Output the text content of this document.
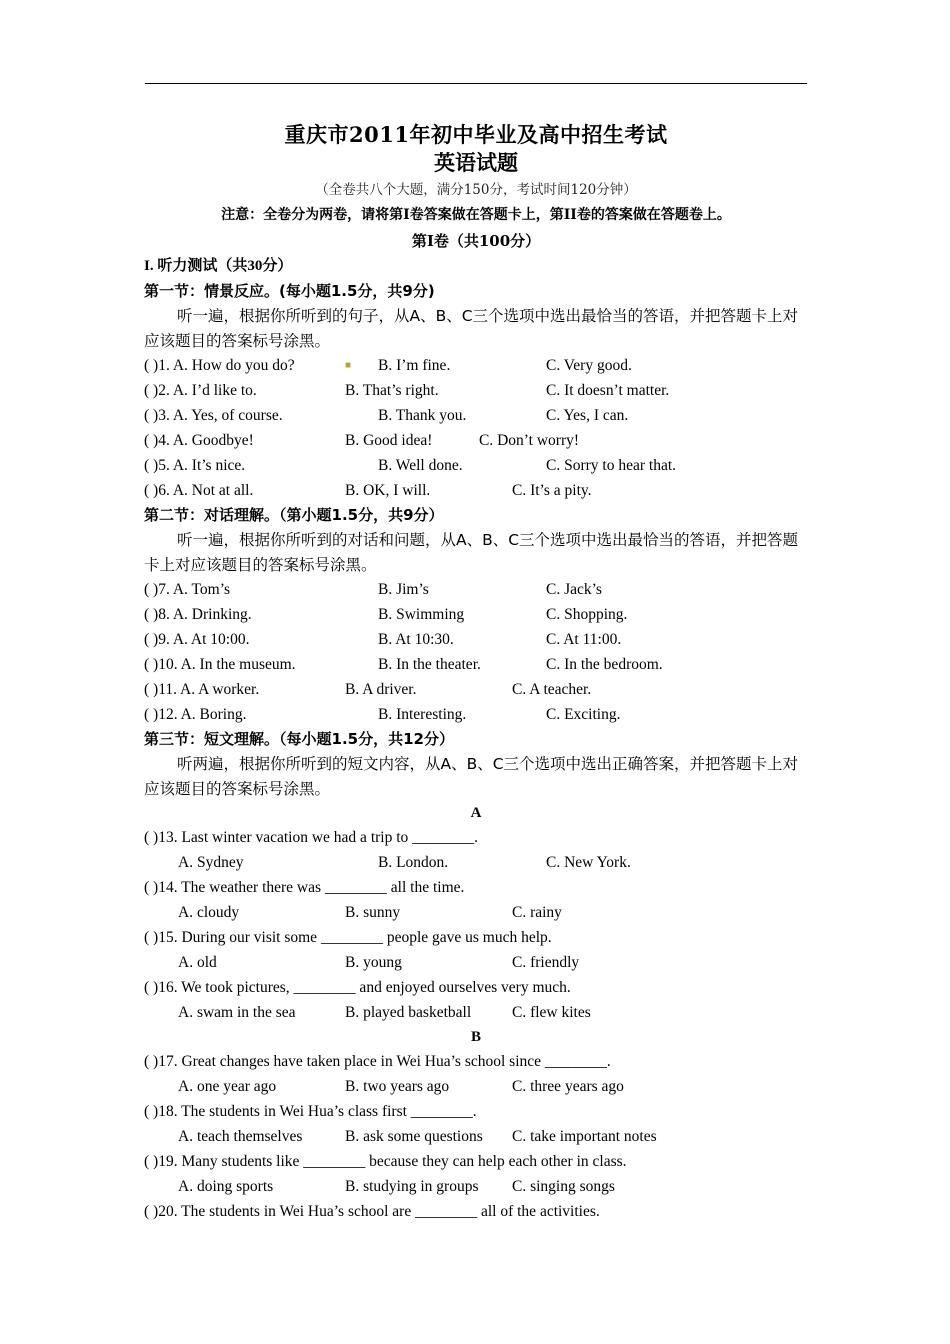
重庆市2011年初中毕业及高中招生考试
英语试题
（全卷共八个大题，满分150分，考试时间120分钟）
注意：全卷分为两卷，请将第I卷答案做在答题卡上，第II卷的答案做在答题卷上。
第I卷（共100分）
I. 听力测试（共30分）
第一节：情景反应。(每小题1.5分，共9分)
听一遍，根据你所听到的句子，从A、B、C三个选项中选出最恰当的答语，并把答题卡上对应该题目的答案标号涂黑。
( )1. A. How do you do?	B. I’m fine.	C. Very good.
■
( )2. A. I’d like to.	B. That’s right.	C. It doesn’t matter.
( )3. A. Yes, of course.	B. Thank you.	C. Yes, I can.
( )4. A. Goodbye!	B. Good idea!	C. Don’t worry!
( )5. A. It’s nice.	B. Well done.	C. Sorry to hear that.
( )6. A. Not at all.	B. OK, I will.	C. It’s a pity.
第二节：对话理解。（第小题1.5分，共9分）
听一遍，根据你所听到的对话和问题，从A、B、C三个选项中选出最恰当的答语，并把答题卡上对应该题目的答案标号涂黑。
( )7. A. Tom’s	B. Jim’s	C. Jack’s
( )8. A. Drinking.	B. Swimming	C. Shopping.
( )9. A. At 10:00.	B. At 10:30.	C. At 11:00.
( )10. A. In the museum.	B. In the theater.	C. In the bedroom.
( )11. A. A worker.	B. A driver.	C. A teacher.
( )12. A. Boring.	B. Interesting.	C. Exciting.
第三节：短文理解。（每小题1.5分，共12分）
听两遍，根据你所听到的短文内容，从A、B、C三个选项中选出正确答案，并把答题卡上对应该题目的答案标号涂黑。
A
( )13. Last winter vacation we had a trip to ________.
A. Sydney	B. London.	C. New York.
( )14. The weather there was ________ all the time.
A. cloudy	B. sunny	C. rainy
( )15. During our visit some ________ people gave us much help.
A. old	B. young	C. friendly
( )16. We took pictures, ________ and enjoyed ourselves very much.
A. swam in the sea	B. played basketball	C. flew kites
B
( )17. Great changes have taken place in Wei Hua’s school since ________.
A. one year ago	B. two years ago	C. three years ago
( )18. The students in Wei Hua’s class first ________.
A. teach themselves	B. ask some questions C. take important notes
( )19. Many students like ________ because they can help each other in class.
A. doing sports	B. studying in groups C. singing songs
( )20. The students in Wei Hua’s school are ________ all of the activities.
